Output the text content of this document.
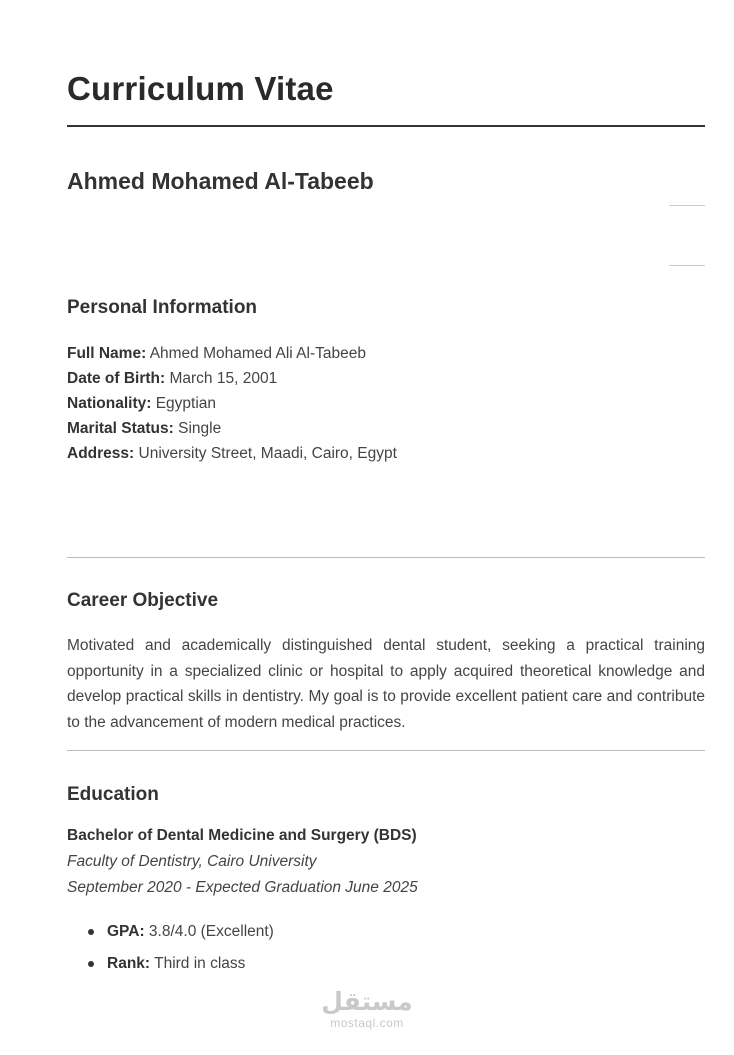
Curriculum Vitae
Ahmed Mohamed Al-Tabeeb
Personal Information
Full Name: Ahmed Mohamed Ali Al-Tabeeb
Date of Birth: March 15, 2001
Nationality: Egyptian
Marital Status: Single
Address: University Street, Maadi, Cairo, Egypt
Career Objective

Motivated and academically distinguished dental student, seeking a practical training opportunity in a specialized clinic or hospital to apply acquired theoretical knowledge and develop practical skills in dentistry. My goal is to provide excellent patient care and contribute to the advancement of modern medical practices.

Education

Bachelor of Dental Medicine and Surgery (BDS)

Faculty of Dentistry, Cairo University

September 2020 - Expected Graduation June 2025

GPA: 3.8/4.0 (Excellent)
Rank: Third in class
مستقل
mostaql.com
